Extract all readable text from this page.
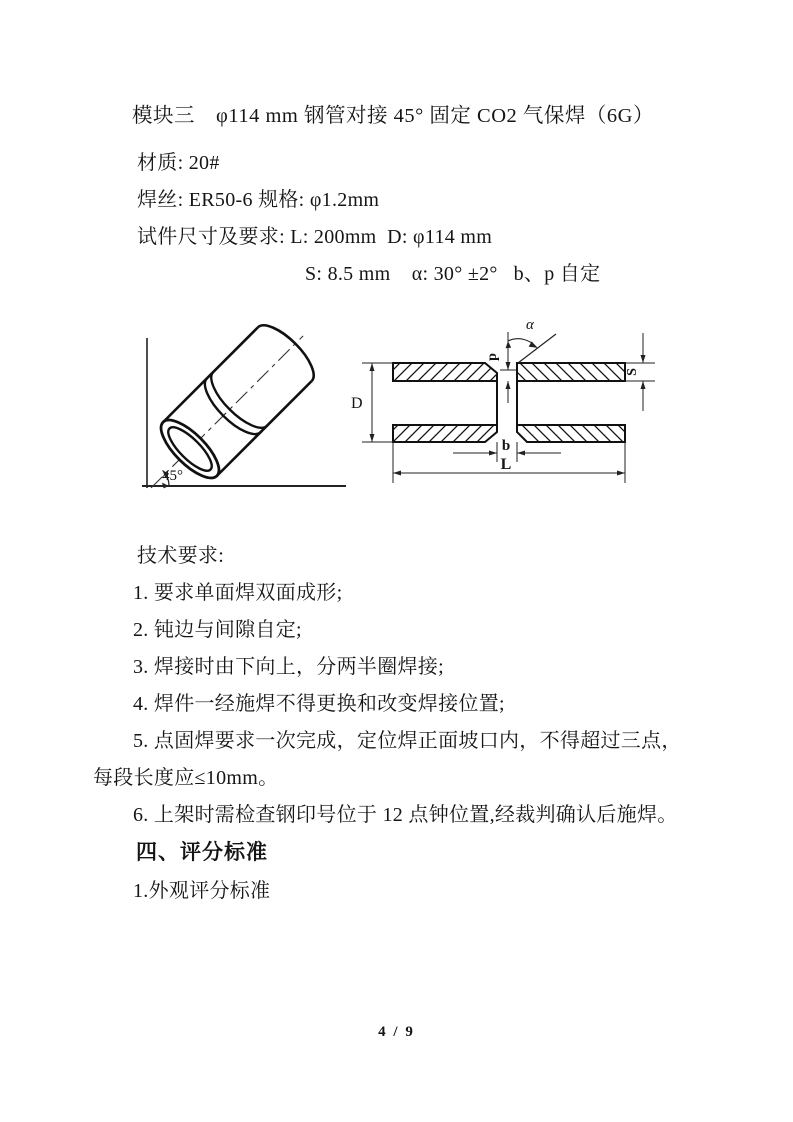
模块三　φ114 mm 钢管对接 45° 固定 CO2 气保焊（6G）
材质: 20#
焊丝: ER50-6 规格: φ1.2mm
试件尺寸及要求: L: 200mm  D: φ114 mm
S: 8.5 mm    α: 30° ±2°   b、p 自定
45°
α
p
S
D
b
L
技术要求:
1. 要求单面焊双面成形;
2. 钝边与间隙自定;
3. 焊接时由下向上，分两半圈焊接;
4. 焊件一经施焊不得更换和改变焊接位置;
5. 点固焊要求一次完成，定位焊正面坡口内，不得超过三点，
每段长度应≤10mm。
6. 上架时需检查钢印号位于 12 点钟位置,经裁判确认后施焊。
四、评分标准
1.外观评分标准
4 / 9
